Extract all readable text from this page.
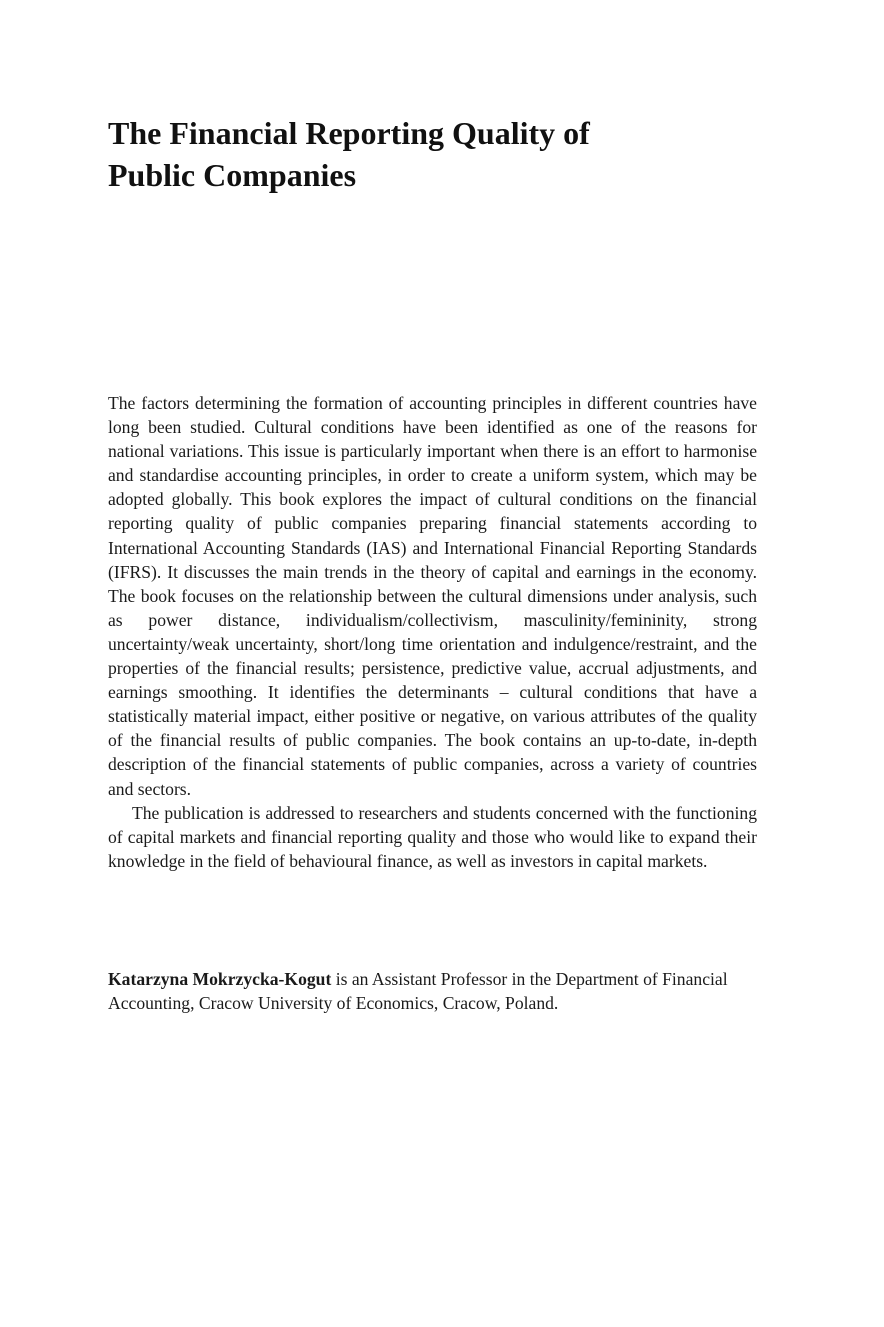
The Financial Reporting Quality of
Public Companies

The factors determining the formation of accounting principles in different countries have long been studied. Cultural conditions have been identified as one of the reasons for national variations. This issue is particularly important when there is an effort to harmonise and standardise accounting principles, in order to create a uniform system, which may be adopted globally. This book explores the impact of cultural conditions on the financial reporting quality of public companies preparing financial statements according to International Accounting Standards (IAS) and International Financial Reporting Standards (IFRS). It discusses the main trends in the theory of capital and earnings in the economy. The book focuses on the relationship between the cultural dimensions under analysis, such as power distance, individualism/collectivism, masculinity/femininity, strong uncertainty/weak uncertainty, short/long time orientation and indulgence/restraint, and the properties of the financial results; persistence, predictive value, accrual adjustments, and earnings smoothing. It identifies the determinants – cultural conditions that have a statistically material impact, either positive or negative, on various attributes of the quality of the financial results of public companies. The book contains an up-to-date, in-depth description of the financial statements of public companies, across a variety of countries and sectors.

The publication is addressed to researchers and students concerned with the functioning of capital markets and financial reporting quality and those who would like to expand their knowledge in the field of behavioural finance, as well as investors in capital markets.

Katarzyna Mokrzycka-Kogut is an Assistant Professor in the Department of Financial Accounting, Cracow University of Economics, Cracow, Poland.
